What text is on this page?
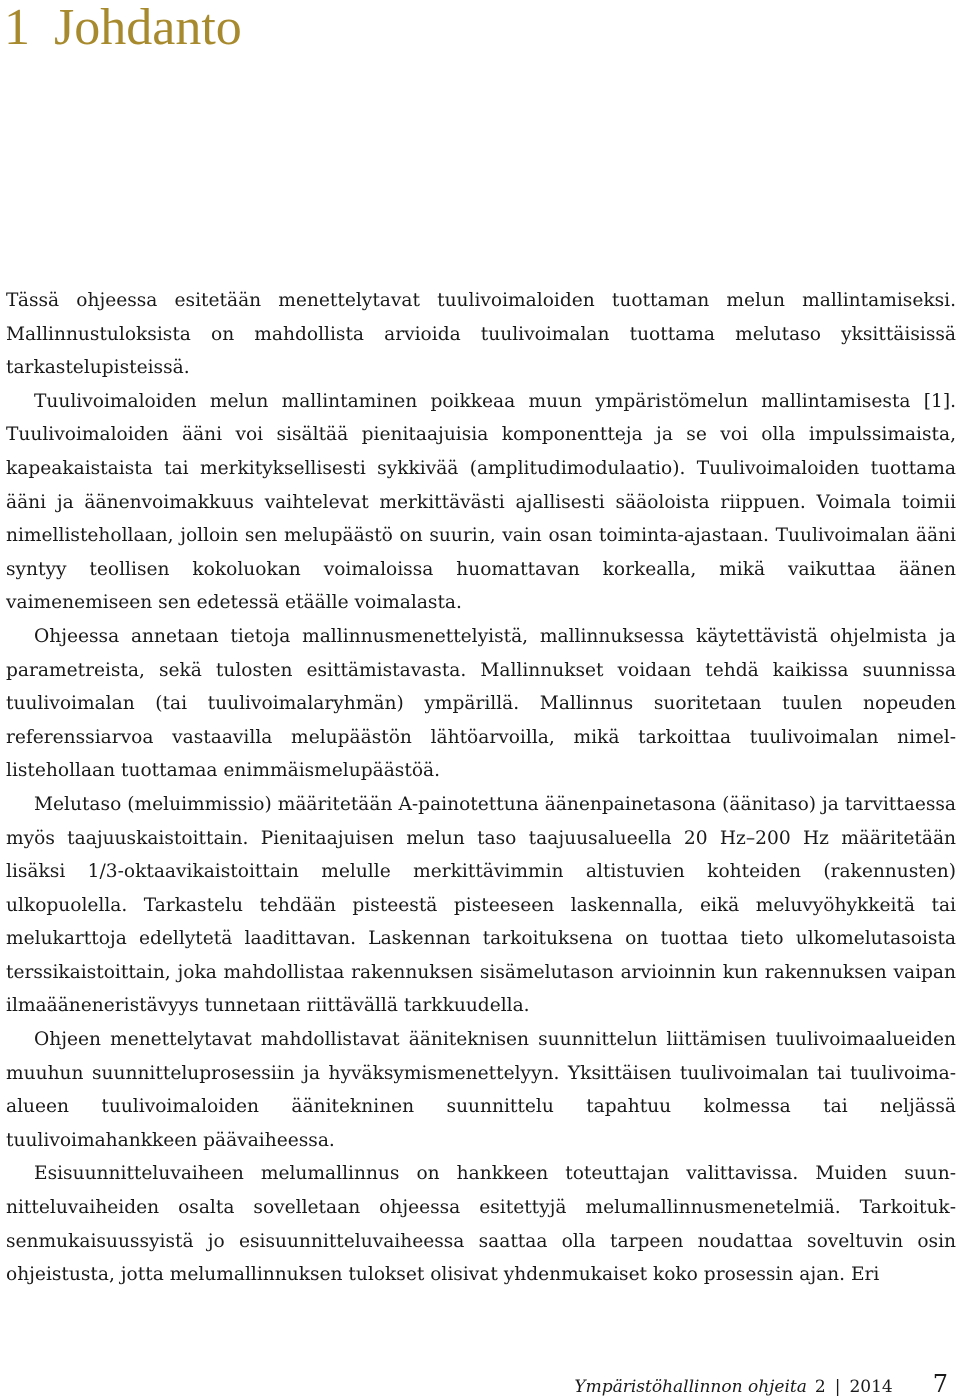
1 Johdanto

Tässä ohjeessa esitetään menettelytavat tuulivoimaloiden tuottaman melun mallintamiseksi. Mallinnustuloksista on mahdollista arvioida tuulivoimalan tuottama melutaso yksittäisissä tarkastelupisteissä.

Tuulivoimaloiden melun mallintaminen poikkeaa muun ympäristömelun mallintamisesta [1]. Tuulivoimaloiden ääni voi sisältää pienitaajuisia komponentteja ja se voi olla impulssimaista, kapeakaistaista tai merkityksellisesti sykkivää (amplitudimodulaatio). Tuulivoimaloiden tuottama ääni ja äänenvoimakkuus vaihtelevat merkittävästi ajallisesti sääoloista riippuen. Voimala toimii nimellistehollaan, jolloin sen melupäästö on suurin, vain osan toiminta-ajastaan. Tuulivoimalan ääni syntyy teollisen kokoluokan voimaloissa huomattavan korkealla, mikä vaikuttaa äänen vaimenemiseen sen edetessä etäälle voimalasta.

Ohjeessa annetaan tietoja mallinnusmenettelyistä, mallinnuksessa käytettävistä ohjelmista ja parametreista, sekä tulosten esittämistavasta. Mallinnukset voidaan tehdä kaikissa suunnissa tuulivoimalan (tai tuulivoimalaryhmän) ympärillä. Mallinnus suoritetaan tuulen nopeuden referenssiarvoa vastaavilla melupäästön lähtöarvoilla, mikä tarkoittaa tuulivoimalan nimellistehollaan tuottamaa enimmäismelupäästöä.

Melutaso (meluimmissio) määritetään A-painotettuna äänenpainetasona (äänitaso) ja tarvittaessa myös taajuuskaistoittain. Pienitaajuisen melun taso taajuusalueella 20 Hz–200 Hz määritetään lisäksi 1/3-oktaavikaistoittain melulle merkittävimmin altistuvien kohteiden (rakennusten) ulkopuolella. Tarkastelu tehdään pisteestä pisteeseen laskennalla, eikä meluvyöhykkeitä tai melukarttoja edellytetä laadittavan. Laskennan tarkoituksena on tuottaa tieto ulkomelutasoista terssikaistoittain, joka mahdollistaa rakennuksen sisämelutason arvioinnin kun rakennuksen vaipan ilmaääneneristävyys tunnetaan riittävällä tarkkuudella.

Ohjeen menettelytavat mahdollistavat ääniteknisen suunnittelun liittämisen tuulivoimaalueiden muuhun suunnitteluprosessiin ja hyväksymismenettelyyn. Yksittäisen tuulivoimalan tai tuulivoima-alueen tuulivoimaloiden äänitekninen suunnittelu tapahtuu kolmessa tai neljässä tuulivoimahankkeen päävaiheessa.

Esisuunnitteluvaiheen melumallinnus on hankkeen toteuttajan valittavissa. Muiden suunnitteluvaiheiden osalta sovelletaan ohjeessa esitettyjä melumallinnusmenetelmiä. Tarkoituksenmukaisuussyistä jo esisuunnitteluvaiheessa saattaa olla tarpeen noudattaa soveltuvin osin ohjeistusta, jotta melumallinnuksen tulokset olisivat yhdenmukaiset koko prosessin ajan. Eri

Ympäristöhallinnon ohjeita 2 | 2014 7
